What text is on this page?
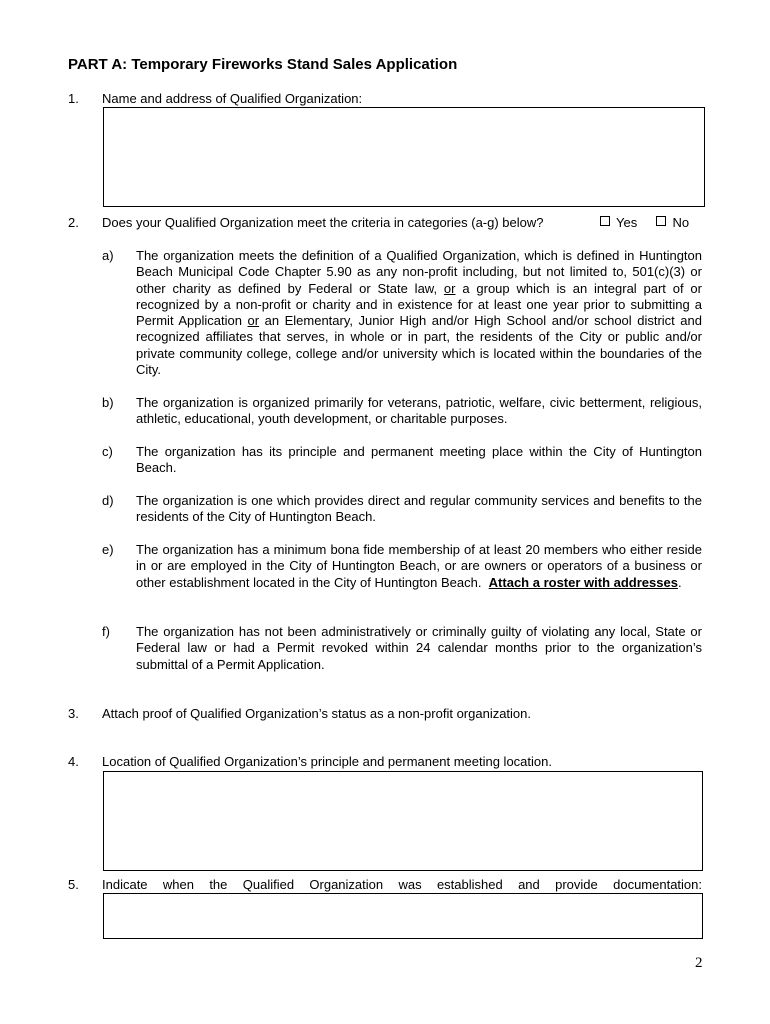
PART A: Temporary Fireworks Stand Sales Application
1. Name and address of Qualified Organization:
2. Does your Qualified Organization meet the criteria in categories (a-g) below?	Yes	No
a) The organization meets the definition of a Qualified Organization, which is defined in Huntington Beach Municipal Code Chapter 5.90 as any non-profit including, but not limited to, 501(c)(3) or other charity as defined by Federal or State law, or a group which is an integral part of or recognized by a non-profit or charity and in existence for at least one year prior to submitting a Permit Application or an Elementary, Junior High and/or High School and/or school district and recognized affiliates that serves, in whole or in part, the residents of the City or public and/or private community college, college and/or university which is located within the boundaries of the City.
b) The organization is organized primarily for veterans, patriotic, welfare, civic betterment, religious, athletic, educational, youth development, or charitable purposes.
c) The organization has its principle and permanent meeting place within the City of Huntington Beach.
d) The organization is one which provides direct and regular community services and benefits to the residents of the City of Huntington Beach.
e) The organization has a minimum bona fide membership of at least 20 members who either reside in or are employed in the City of Huntington Beach, or are owners or operators of a business or other establishment located in the City of Huntington Beach. Attach a roster with addresses.
f) The organization has not been administratively or criminally guilty of violating any local, State or Federal law or had a Permit revoked within 24 calendar months prior to the organization’s submittal of a Permit Application.
3. Attach proof of Qualified Organization’s status as a non-profit organization.
4. Location of Qualified Organization’s principle and permanent meeting location.
5. Indicate when the Qualified Organization was established and provide documentation:
2
